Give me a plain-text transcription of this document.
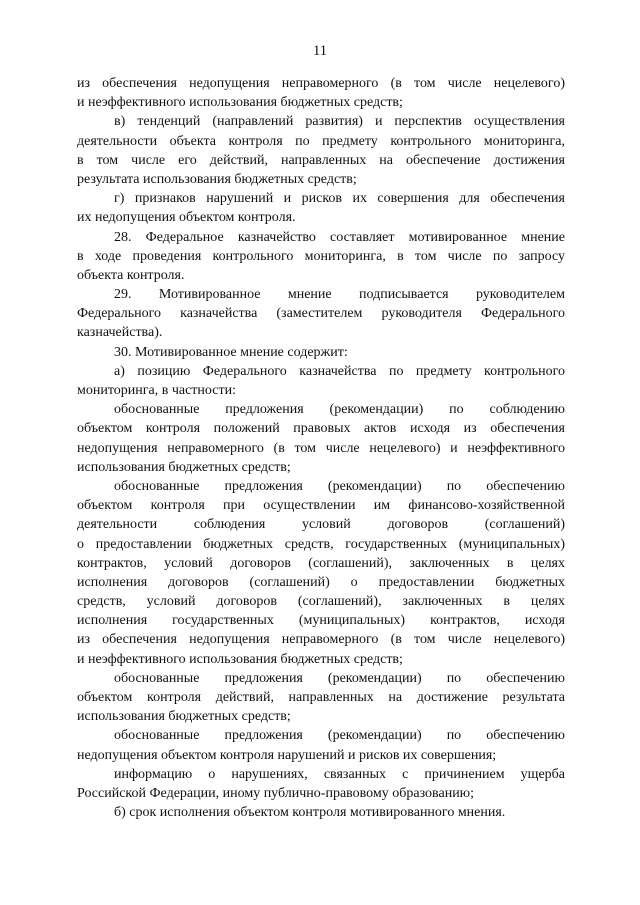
11
из обеспечения недопущения неправомерного (в том числе нецелевого)
и неэффективного использования бюджетных средств;
в) тенденций (направлений развития) и перспектив осуществления
деятельности объекта контроля по предмету контрольного мониторинга,
в том числе его действий, направленных на обеспечение достижения
результата использования бюджетных средств;
г) признаков нарушений и рисков их совершения для обеспечения
их недопущения объектом контроля.
28. Федеральное казначейство составляет мотивированное мнение
в ходе проведения контрольного мониторинга, в том числе по запросу
объекта контроля.
29. Мотивированное мнение подписывается руководителем
Федерального казначейства (заместителем руководителя Федерального
казначейства).
30. Мотивированное мнение содержит:
а) позицию Федерального казначейства по предмету контрольного
мониторинга, в частности:
обоснованные предложения (рекомендации) по соблюдению
объектом контроля положений правовых актов исходя из обеспечения
недопущения неправомерного (в том числе нецелевого) и неэффективного
использования бюджетных средств;
обоснованные предложения (рекомендации) по обеспечению
объектом контроля при осуществлении им финансово-хозяйственной
деятельности соблюдения условий договоров (соглашений)
о предоставлении бюджетных средств, государственных (муниципальных)
контрактов, условий договоров (соглашений), заключенных в целях
исполнения договоров (соглашений) о предоставлении бюджетных
средств, условий договоров (соглашений), заключенных в целях
исполнения государственных (муниципальных) контрактов, исходя
из обеспечения недопущения неправомерного (в том числе нецелевого)
и неэффективного использования бюджетных средств;
обоснованные предложения (рекомендации) по обеспечению
объектом контроля действий, направленных на достижение результата
использования бюджетных средств;
обоснованные предложения (рекомендации) по обеспечению
недопущения объектом контроля нарушений и рисков их совершения;
информацию о нарушениях, связанных с причинением ущерба
Российской Федерации, иному публично-правовому образованию;
б) срок исполнения объектом контроля мотивированного мнения.
